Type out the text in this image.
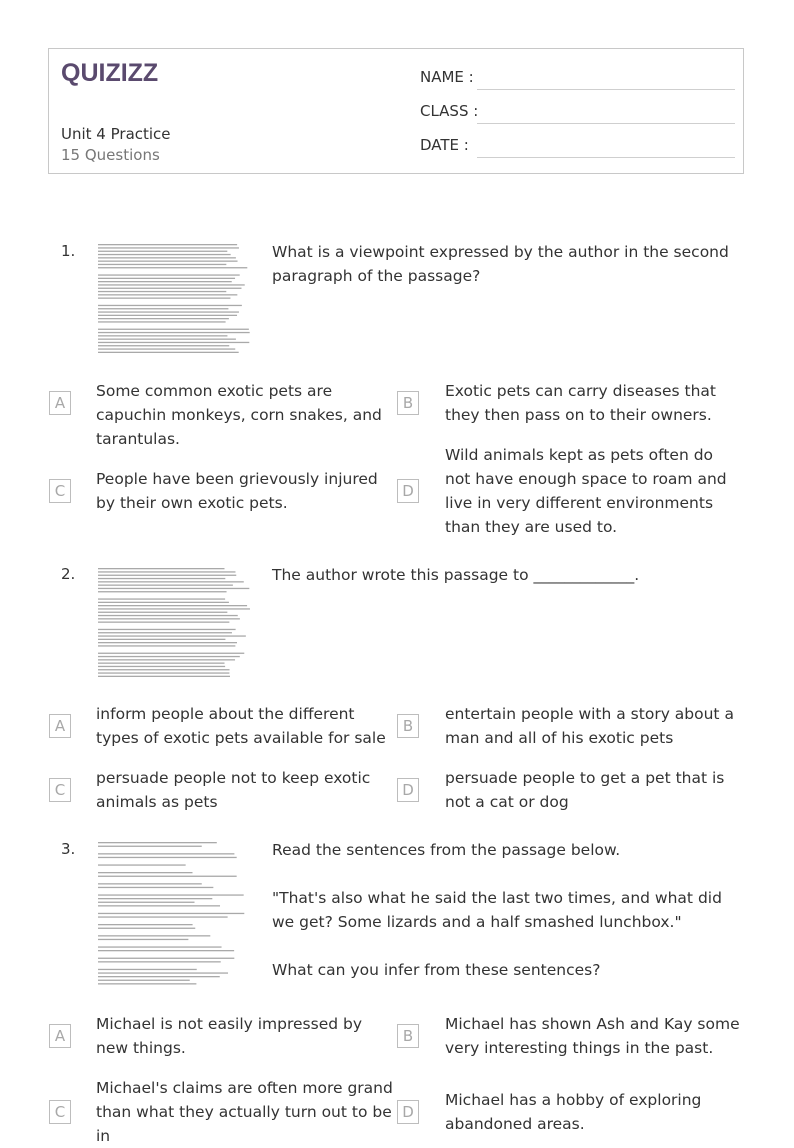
QUIZIZZ
Unit 4 Practice
15 Questions
NAME :
CLASS :
DATE :
1.	What is a viewpoint expressed by the author in the second paragraph of the passage?

A
Some common exotic pets are capuchin monkeys, corn snakes, and tarantulas.
B
Exotic pets can carry diseases that they then pass on to their owners.
C
People have been grievously injured by their own exotic pets.
D
Wild animals kept as pets often do not have enough space to roam and live in very different environments than they are used to.
2.	The author wrote this passage to _____________.

A
inform people about the different types of exotic pets available for sale
B
entertain people with a story about a man and all of his exotic pets
C
persuade people not to keep exotic animals as pets
D
persuade people to get a pet that is not a cat or dog
3.	Read the sentences from the passage below.

"That's also what he said the last two times, and what did we get? Some lizards and a half smashed lunchbox."

What can you infer from these sentences?

A
Michael is not easily impressed by new things.
B
Michael has shown Ash and Kay some very interesting things in the past.
C
Michael's claims are often more grand than what they actually turn out to be in
D
Michael has a hobby of exploring abandoned areas.
